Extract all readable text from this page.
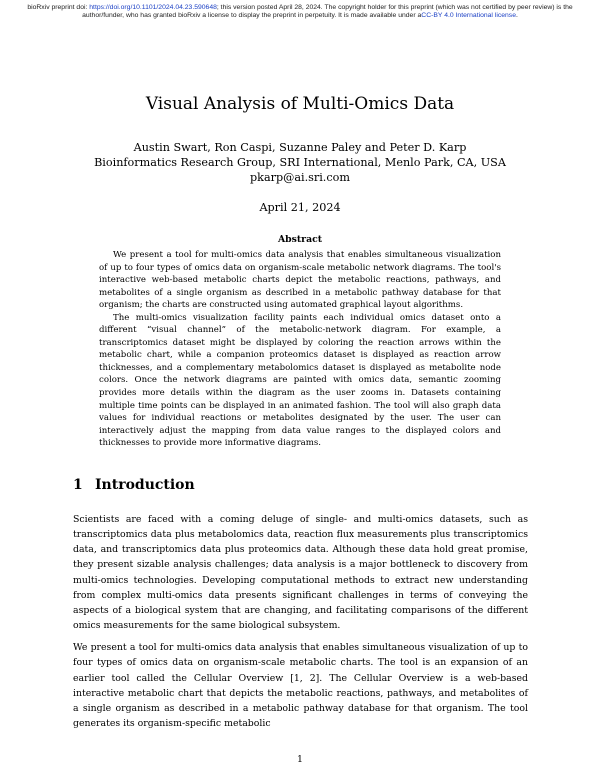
bioRxiv preprint doi: https://doi.org/10.1101/2024.04.23.590648; this version posted April 28, 2024. The copyright holder for this preprint (which was not certified by peer review) is the author/funder, who has granted bioRxiv a license to display the preprint in perpetuity. It is made available under aCC-BY 4.0 International license.
Visual Analysis of Multi-Omics Data
Austin Swart, Ron Caspi, Suzanne Paley and Peter D. Karp
Bioinformatics Research Group, SRI International, Menlo Park, CA, USA
pkarp@ai.sri.com
April 21, 2024
Abstract

We present a tool for multi-omics data analysis that enables simultaneous visualization of up to four types of omics data on organism-scale metabolic network diagrams. The tool's interactive web-based metabolic charts depict the metabolic reactions, pathways, and metabolites of a single organism as described in a metabolic pathway database for that organism; the charts are constructed using automated graphical layout algorithms.

The multi-omics visualization facility paints each individual omics dataset onto a different “visual channel” of the metabolic-network diagram. For example, a transcriptomics dataset might be displayed by coloring the reaction arrows within the metabolic chart, while a companion proteomics dataset is displayed as reaction arrow thicknesses, and a complementary metabolomics dataset is displayed as metabolite node colors. Once the network diagrams are painted with omics data, semantic zooming provides more details within the diagram as the user zooms in. Datasets containing multiple time points can be displayed in an animated fashion. The tool will also graph data values for individual reactions or metabolites designated by the user. The user can interactively adjust the mapping from data value ranges to the displayed colors and thicknesses to provide more informative diagrams.

1 Introduction

Scientists are faced with a coming deluge of single- and multi-omics datasets, such as transcriptomics data plus metabolomics data, reaction flux measurements plus transcriptomics data, and transcriptomics data plus proteomics data. Although these data hold great promise, they present sizable analysis challenges; data analysis is a major bottleneck to discovery from multi-omics technologies. Developing computational methods to extract new understanding from complex multi-omics data presents significant challenges in terms of conveying the aspects of a biological system that are changing, and facilitating comparisons of the different omics measurements for the same biological subsystem.

We present a tool for multi-omics data analysis that enables simultaneous visualization of up to four types of omics data on organism-scale metabolic charts. The tool is an expansion of an earlier tool called the Cellular Overview [1, 2]. The Cellular Overview is a web-based interactive metabolic chart that depicts the metabolic reactions, pathways, and metabolites of a single organism as described in a metabolic pathway database for that organism. The tool generates its organism-specific metabolic

1
